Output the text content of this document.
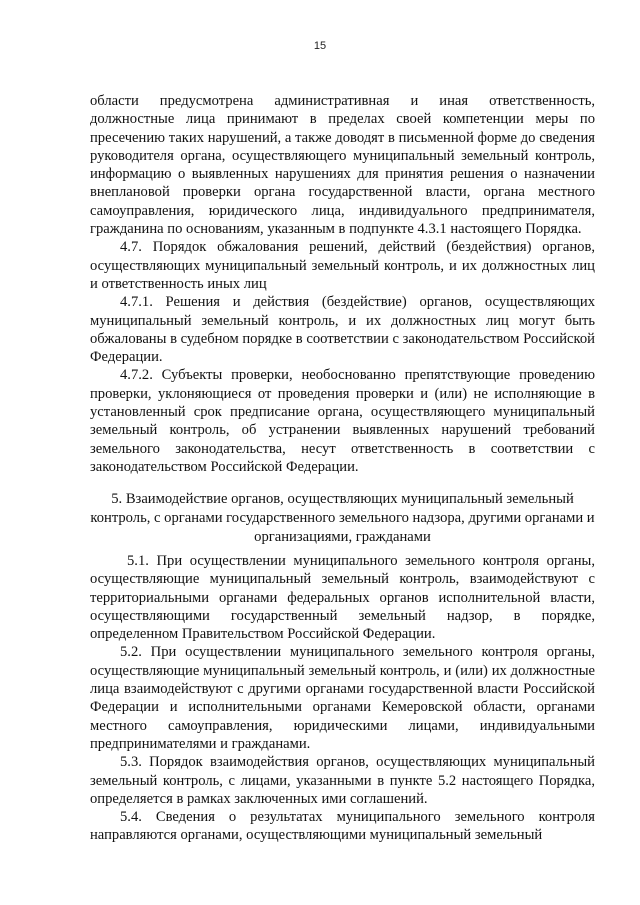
15

области предусмотрена административная и иная ответственность, должностные лица принимают в пределах своей компетенции меры по пресечению таких нарушений, а также доводят в письменной форме до сведения руководителя органа, осуществляющего муниципальный земельный контроль, информацию о выявленных нарушениях для принятия решения о назначении внеплановой проверки органа государственной власти, органа местного самоуправления, юридического лица, индивидуального предпринимателя, гражданина по основаниям, указанным в подпункте 4.3.1 настоящего Порядка.

4.7. Порядок обжалования решений, действий (бездействия) органов, осуществляющих муниципальный земельный контроль, и их должностных лиц и ответственность иных лиц

4.7.1. Решения и действия (бездействие) органов, осуществляющих муниципальный земельный контроль, и их должностных лиц могут быть обжалованы в судебном порядке в соответствии с законодательством Российской Федерации.

4.7.2. Субъекты проверки, необоснованно препятствующие проведению проверки, уклоняющиеся от проведения проверки и (или) не исполняющие в установленный срок предписание органа, осуществляющего муниципальный земельный контроль, об устранении выявленных нарушений требований земельного законодательства, несут ответственность в соответствии с законодательством Российской Федерации.

5. Взаимодействие органов, осуществляющих муниципальный земельный контроль, с органами государственного земельного надзора, другими органами и организациями, гражданами

5.1. При осуществлении муниципального земельного контроля органы, осуществляющие муниципальный земельный контроль, взаимодействуют с территориальными органами федеральных органов исполнительной власти, осуществляющими государственный земельный надзор, в порядке, определенном Правительством Российской Федерации.

5.2. При осуществлении муниципального земельного контроля органы, осуществляющие муниципальный земельный контроль, и (или) их должностные лица взаимодействуют с другими органами государственной власти Российской Федерации и исполнительными органами Кемеровской области, органами местного самоуправления, юридическими лицами, индивидуальными предпринимателями и гражданами.

5.3. Порядок взаимодействия органов, осуществляющих муниципальный земельный контроль, с лицами, указанными в пункте 5.2 настоящего Порядка, определяется в рамках заключенных ими соглашений.

5.4. Сведения о результатах муниципального земельного контроля направляются органами, осуществляющими муниципальный земельный
